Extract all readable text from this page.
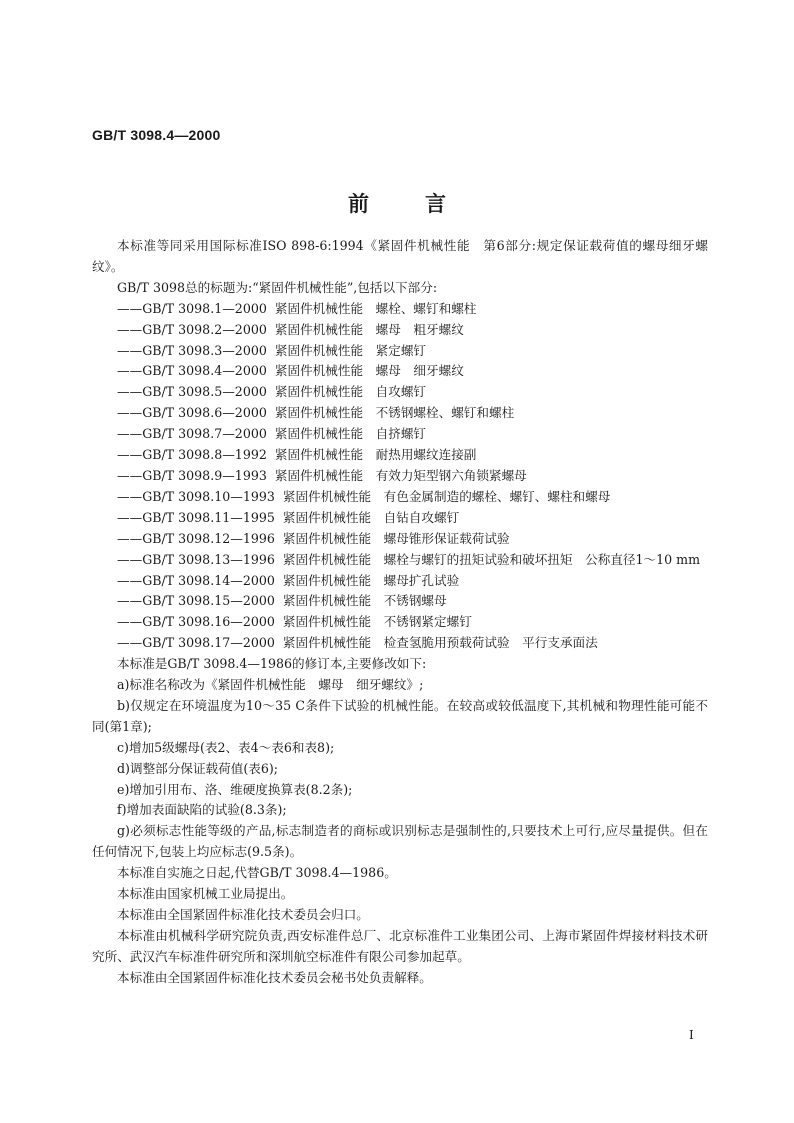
GB/T 3098.4—2000
前言

本标准等同采用国际标准ISO 898-6:1994《紧固件机械性能　第6部分:规定保证载荷值的螺母细牙螺纹》。

GB/T 3098总的标题为:“紧固件机械性能”,包括以下部分:

——GB/T 3098.1—2000 紧固件机械性能　螺栓、螺钉和螺柱
——GB/T 3098.2—2000 紧固件机械性能　螺母　粗牙螺纹
——GB/T 3098.3—2000 紧固件机械性能　紧定螺钉
——GB/T 3098.4—2000 紧固件机械性能　螺母　细牙螺纹
——GB/T 3098.5—2000 紧固件机械性能　自攻螺钉
——GB/T 3098.6—2000 紧固件机械性能　不锈钢螺栓、螺钉和螺柱
——GB/T 3098.7—2000 紧固件机械性能　自挤螺钉
——GB/T 3098.8—1992 紧固件机械性能　耐热用螺纹连接副
——GB/T 3098.9—1993 紧固件机械性能　有效力矩型钢六角锁紧螺母
——GB/T 3098.10—1993 紧固件机械性能　有色金属制造的螺栓、螺钉、螺柱和螺母
——GB/T 3098.11—1995 紧固件机械性能　自钻自攻螺钉
——GB/T 3098.12—1996 紧固件机械性能　螺母锥形保证载荷试验
——GB/T 3098.13—1996
紧固件机械性能　螺栓与螺钉的扭矩试验和破坏扭矩　公称直径1～10 mm
——GB/T 3098.14—2000 紧固件机械性能　螺母扩孔试验
——GB/T 3098.15—2000 紧固件机械性能　不锈钢螺母
——GB/T 3098.16—2000 紧固件机械性能　不锈钢紧定螺钉
——GB/T 3098.17—2000 紧固件机械性能　检查氢脆用预载荷试验　平行支承面法

本标准是GB/T 3098.4—1986的修订本,主要修改如下:

a)标准名称改为《紧固件机械性能　螺母　细牙螺纹》;

b)仅规定在环境温度为10～35 C条件下试验的机械性能。在较高或较低温度下,其机械和物理性能可能不同(第1章);

c)增加5级螺母(表2、表4～表6和表8);

d)调整部分保证载荷值(表6);

e)增加引用布、洛、维硬度换算表(8.2条);

f)增加表面缺陷的试验(8.3条);

g)必须标志性能等级的产品,标志制造者的商标或识别标志是强制性的,只要技术上可行,应尽量提供。但在任何情况下,包装上均应标志(9.5条)。

本标准自实施之日起,代替GB/T 3098.4—1986。

本标准由国家机械工业局提出。

本标准由全国紧固件标准化技术委员会归口。

本标准由机械科学研究院负责,西安标准件总厂、北京标准件工业集团公司、上海市紧固件焊接材料技术研究所、武汉汽车标准件研究所和深圳航空标准件有限公司参加起草。

本标准由全国紧固件标准化技术委员会秘书处负责解释。

I
